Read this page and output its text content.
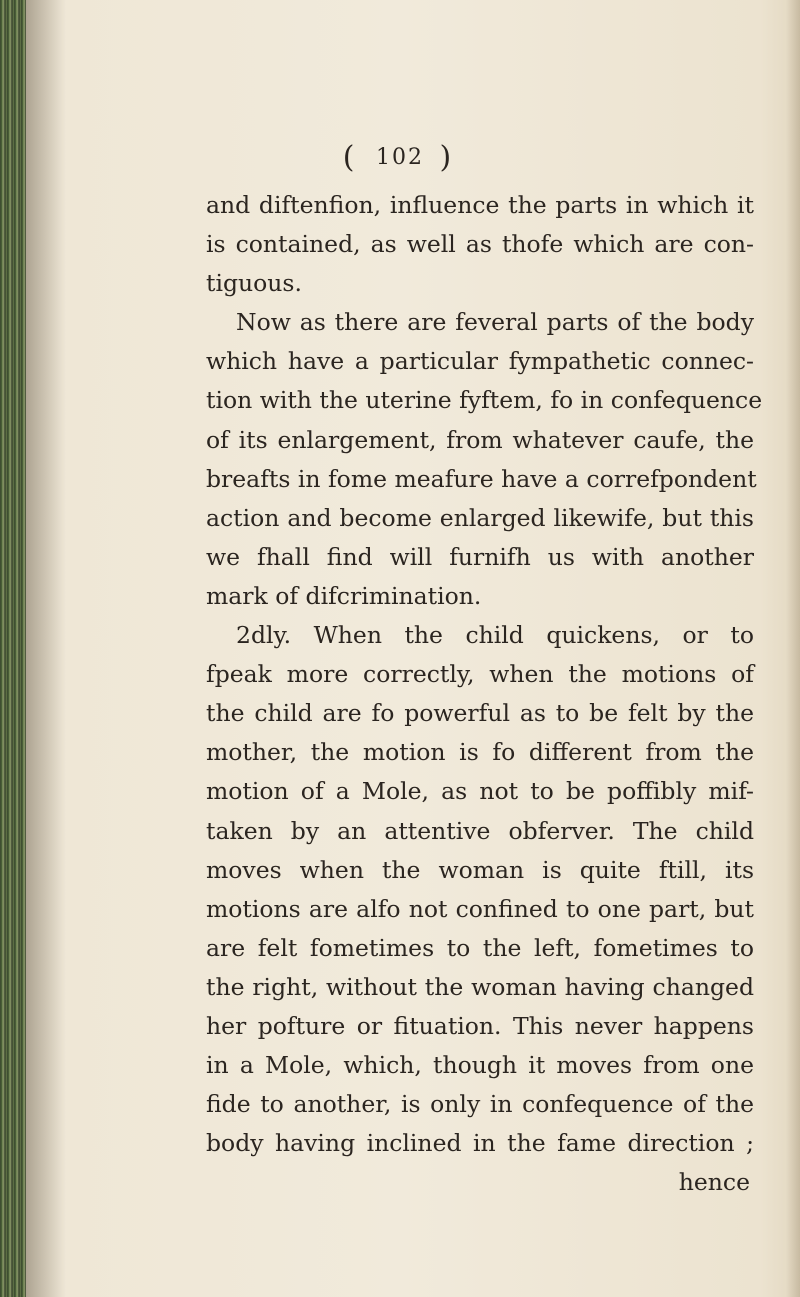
( 102 )
and diftenfion, influence the parts in which it
is contained, as well as thofe which are con-
tiguous.
Now as there are feveral parts of the body
which have a particular fympathetic connec-
tion with the uterine fyftem, fo in confequence
of its enlargement, from whatever caufe, the
breafts in fome meafure have a correfpondent
action and become enlarged likewife, but this
we fhall find will furnifh us with another
mark of difcrimination.
2dly. When the child quickens, or to
fpeak more correctly, when the motions of
the child are fo powerful as to be felt by the
mother, the motion is fo different from the
motion of a Mole, as not to be poffibly mif-
taken by an attentive obferver. The child
moves when the woman is quite ftill, its
motions are alfo not confined to one part, but
are felt fometimes to the left, fometimes to
the right, without the woman having changed
her pofture or fituation. This never happens
in a Mole, which, though it moves from one
fide to another, is only in confequence of the
body having inclined in the fame direction ;
hence
